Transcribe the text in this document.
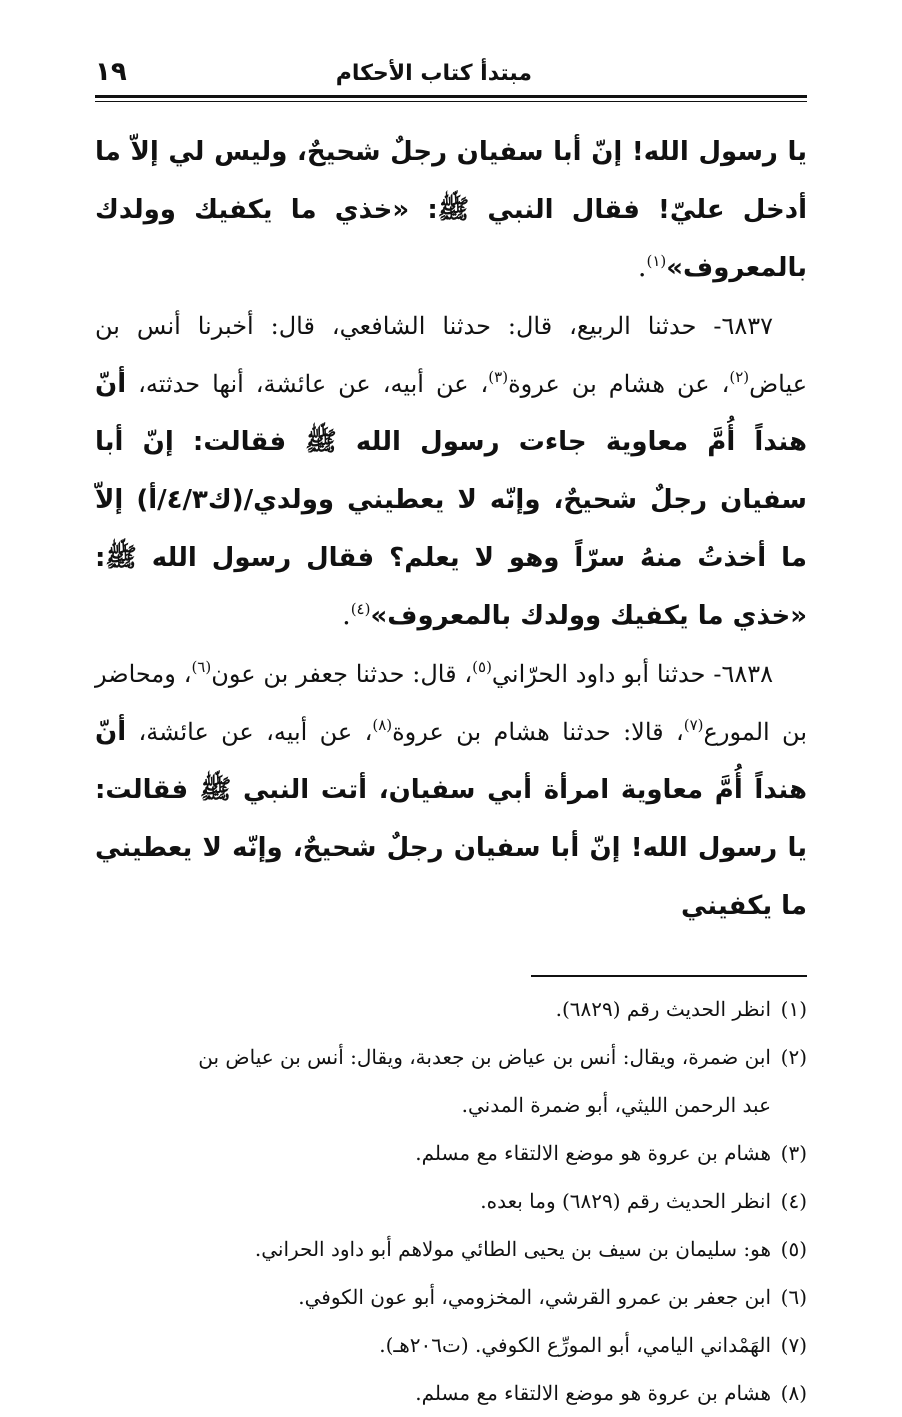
مبتدأ كتاب الأحكام
١٩

يا رسول الله! إنّ أبا سفيان رجلٌ شحيحٌ، وليس لي إلاّ ما أدخل عليّ! فقال النبي ﷺ: «خذي ما يكفيك وولدك بالمعروف»$^{(١)}$.

٦٨٣٧- حدثنا الربيع، قال: حدثنا الشافعي، قال: أخبرنا أنس بن عياض$^{(٢)}$، عن هشام بن عروة$^{(٣)}$، عن أبيه، عن عائشة، أنها حدثته، أنّ هنداً أُمَّ معاوية جاءت رسول الله ﷺ فقالت: إنّ أبا سفيان رجلٌ شحيحٌ، وإنّه لا يعطيني وولدي/(ك٤/٣/أ) إلاّ ما أخذتُ منهُ سرّاً وهو لا يعلم؟ فقال رسول الله ﷺ: «خذي ما يكفيك وولدك بالمعروف»$^{(٤)}$.

٦٨٣٨- حدثنا أبو داود الحرّاني$^{(٥)}$، قال: حدثنا جعفر بن عون$^{(٦)}$، ومحاضر بن المورع$^{(٧)}$، قالا: حدثنا هشام بن عروة$^{(٨)}$، عن أبيه، عن عائشة، أنّ هنداً أُمَّ معاوية امرأة أبي سفيان، أتت النبي ﷺ فقالت: يا رسول الله! إنّ أبا سفيان رجلٌ شحيحٌ، وإنّه لا يعطيني ما يكفيني

(١)
انظر الحديث رقم (٦٨٢٩).
(٢)
ابن ضمرة، ويقال: أنس بن عياض بن جعدبة، ويقال: أنس بن عياض بن

عبد الرحمن الليثي، أبو ضمرة المدني.

(٣)
هشام بن عروة هو موضع الالتقاء مع مسلم.
(٤)
انظر الحديث رقم (٦٨٢٩) وما بعده.
(٥)
هو: سليمان بن سيف بن يحيى الطائي مولاهم أبو داود الحراني.
(٦)
ابن جعفر بن عمرو القرشي، المخزومي، أبو عون الكوفي.
(٧)
الهَمْداني اليامي، أبو المورِّع الكوفي. (ت٢٠٦هـ).
(٨)
هشام بن عروة هو موضع الالتقاء مع مسلم.
